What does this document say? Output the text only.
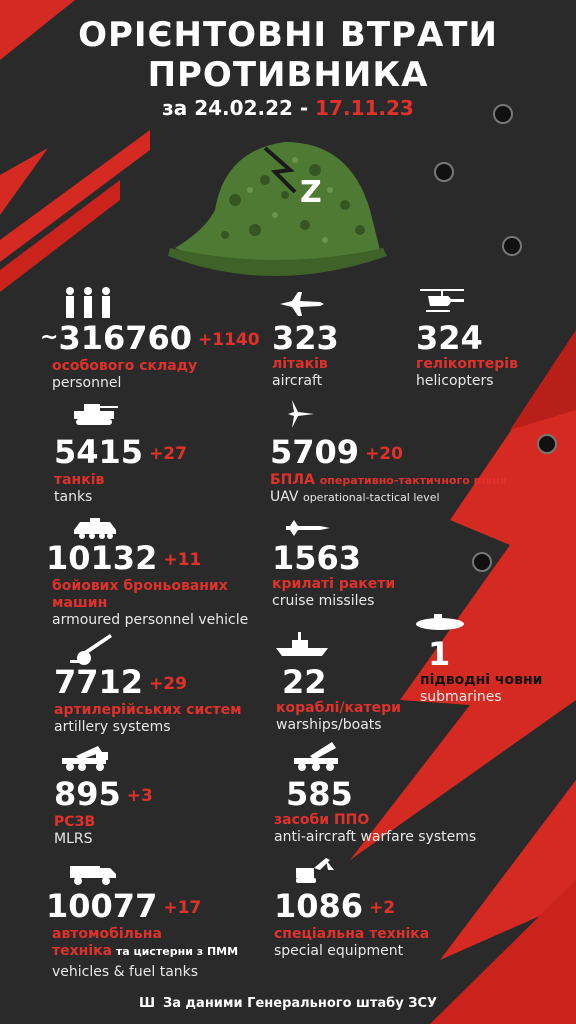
ОРІЄНТОВНІ ВТРАТИ
ПРОТИВНИКА
за 24.02.22 - 17.11.23
Z
~316760 +1140
особового складу
personnel
323
літаків
aircraft
324
гелікоптерів
helicopters
5415 +27
танків
tanks
5709 +20
БПЛА оперативно-тактичного рівня
UAV operational-tactical level
10132 +11
бойових броньованих
машин
armoured personnel vehicle
1563
крилаті ракети
cruise missiles
1
підводні човни
submarines
7712 +29
артилерійських систем
artillery systems
22
кораблі/катери
warships/boats
895 +3
РСЗВ
MLRS
585
засоби ППО
anti-aircraft warfare systems
10077 +17
автомобільна
техніка та цистерни з ПММ
vehicles & fuel tanks
1086 +2
спеціальна техніка
special equipment
Ш За даними Генерального штабу ЗСУ
